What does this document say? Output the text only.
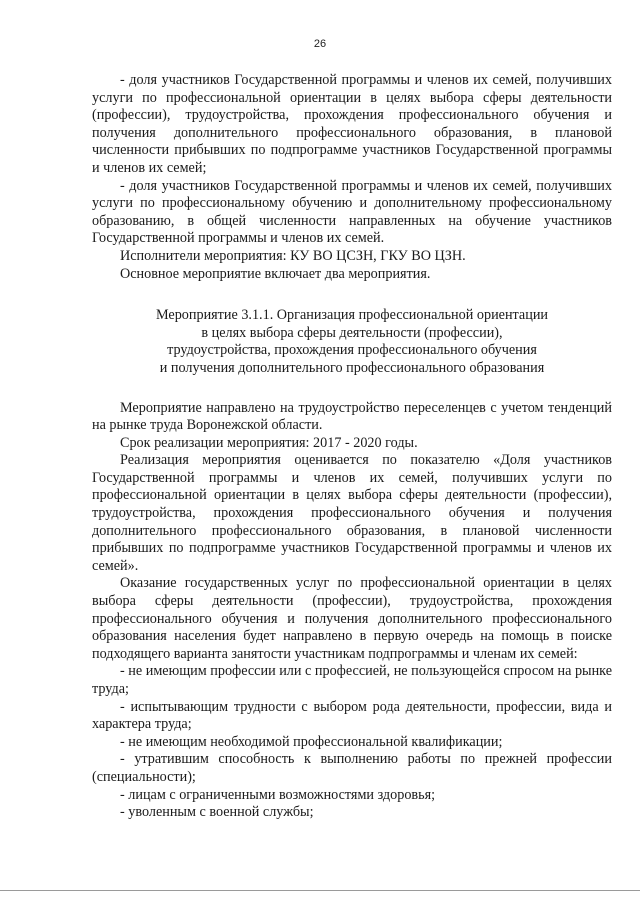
26

- доля участников Государственной программы и членов их семей, получивших услуги по профессиональной ориентации в целях выбора сферы деятельности (профессии), трудоустройства, прохождения профессионального обучения и получения дополнительного профессионального образования, в плановой численности прибывших по подпрограмме участников Государственной программы и членов их семей;

- доля участников Государственной программы и членов их семей, получивших услуги по профессиональному обучению и дополнительному профессиональному образованию, в общей численности направленных на обучение участников Государственной программы и членов их семей.

Исполнители мероприятия: КУ ВО ЦСЗН, ГКУ ВО ЦЗН.

Основное мероприятие включает два мероприятия.

Мероприятие 3.1.1. Организация профессиональной ориентации
в целях выбора сферы деятельности (профессии),
трудоустройства, прохождения профессионального обучения
и получения дополнительного профессионального образования

Мероприятие направлено на трудоустройство переселенцев с учетом тенденций на рынке труда Воронежской области.

Срок реализации мероприятия: 2017 - 2020 годы.

Реализация мероприятия оценивается по показателю «Доля участников Государственной программы и членов их семей, получивших услуги по профессиональной ориентации в целях выбора сферы деятельности (профессии), трудоустройства, прохождения профессионального обучения и получения дополнительного профессионального образования, в плановой численности прибывших по подпрограмме участников Государственной программы и членов их семей».

Оказание государственных услуг по профессиональной ориентации в целях выбора сферы деятельности (профессии), трудоустройства, прохождения профессионального обучения и получения дополнительного профессионального образования населения будет направлено в первую очередь на помощь в поиске подходящего варианта занятости участникам подпрограммы и членам их семей:

- не имеющим профессии или с профессией, не пользующейся спросом на рынке труда;

- испытывающим трудности с выбором рода деятельности, профессии, вида и характера труда;

- не имеющим необходимой профессиональной квалификации;

- утратившим способность к выполнению работы по прежней профессии (специальности);

- лицам с ограниченными возможностями здоровья;

- уволенным с военной службы;
